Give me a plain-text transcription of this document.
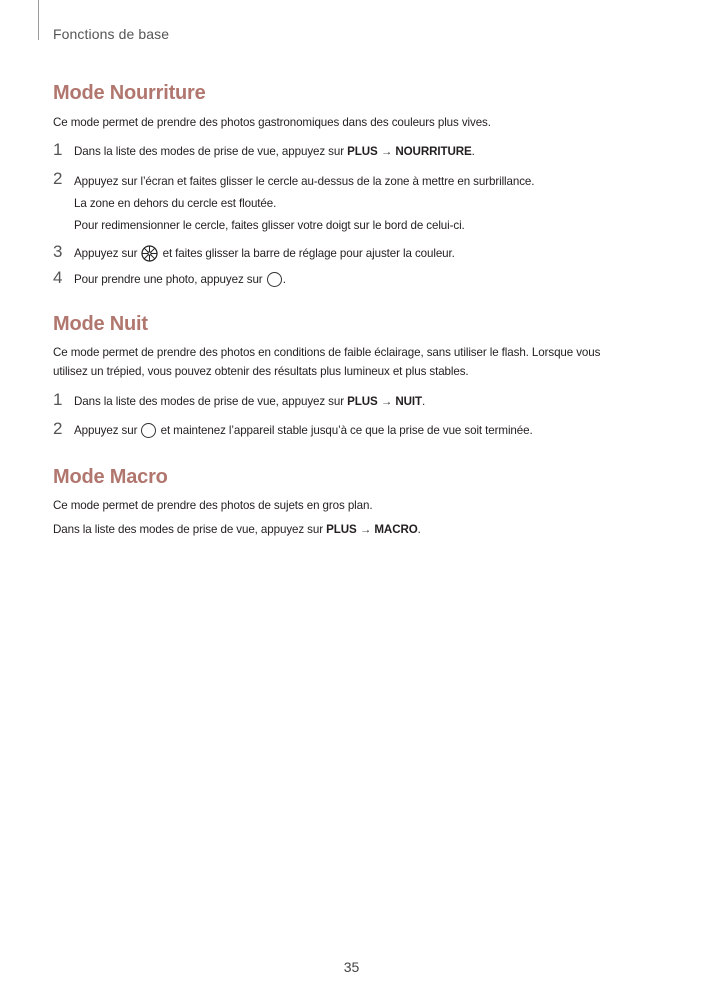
Fonctions de base
Mode Nourriture

Ce mode permet de prendre des photos gastronomiques dans des couleurs plus vives.

1 Dans la liste des modes de prise de vue, appuyez sur PLUS → NOURRITURE.
2 Appuyez sur l’écran et faites glisser le cercle au-dessus de la zone à mettre en surbrillance.
La zone en dehors du cercle est floutée.
Pour redimensionner le cercle, faites glisser votre doigt sur le bord de celui-ci.
3 Appuyez sur  et faites glisser la barre de réglage pour ajuster la couleur.
4 Pour prendre une photo, appuyez sur .
Mode Nuit

Ce mode permet de prendre des photos en conditions de faible éclairage, sans utiliser le flash. Lorsque vous

utilisez un trépied, vous pouvez obtenir des résultats plus lumineux et plus stables.

1 Dans la liste des modes de prise de vue, appuyez sur PLUS → NUIT.
2 Appuyez sur  et maintenez l’appareil stable jusqu’à ce que la prise de vue soit terminée.
Mode Macro

Ce mode permet de prendre des photos de sujets en gros plan.

Dans la liste des modes de prise de vue, appuyez sur PLUS → MACRO.

35
